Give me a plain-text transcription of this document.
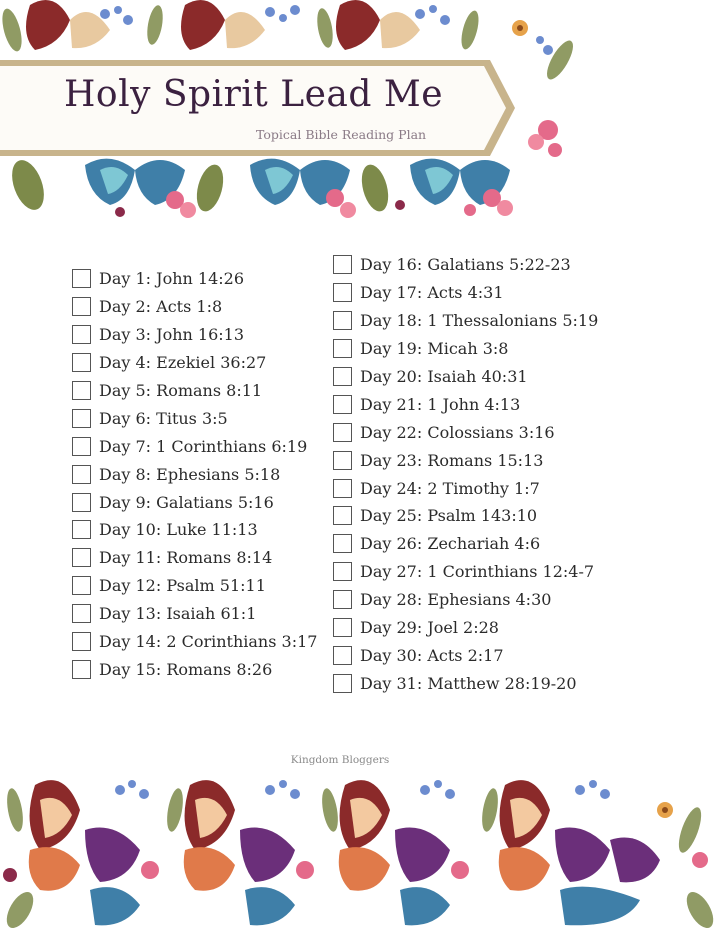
Holy Spirit Lead Me
Topical Bible Reading Plan
Day 1: John 14:26
Day 2: Acts 1:8
Day 3: John 16:13
Day 4: Ezekiel 36:27
Day 5: Romans 8:11
Day 6: Titus 3:5
Day 7: 1 Corinthians 6:19
Day 8: Ephesians 5:18
Day 9: Galatians 5:16
Day 10: Luke 11:13
Day 11: Romans 8:14
Day 12: Psalm 51:11
Day 13: Isaiah 61:1
Day 14: 2 Corinthians 3:17
Day 15: Romans 8:26
Day 16: Galatians 5:22-23
Day 17: Acts 4:31
Day 18: 1 Thessalonians 5:19
Day 19: Micah 3:8
Day 20: Isaiah 40:31
Day 21: 1 John 4:13
Day 22: Colossians 3:16
Day 23: Romans 15:13
Day 24: 2 Timothy 1:7
Day 25: Psalm 143:10
Day 26: Zechariah 4:6
Day 27: 1 Corinthians 12:4-7
Day 28: Ephesians 4:30
Day 29: Joel 2:28
Day 30: Acts 2:17
Day 31: Matthew 28:19-20
Kingdom Bloggers
